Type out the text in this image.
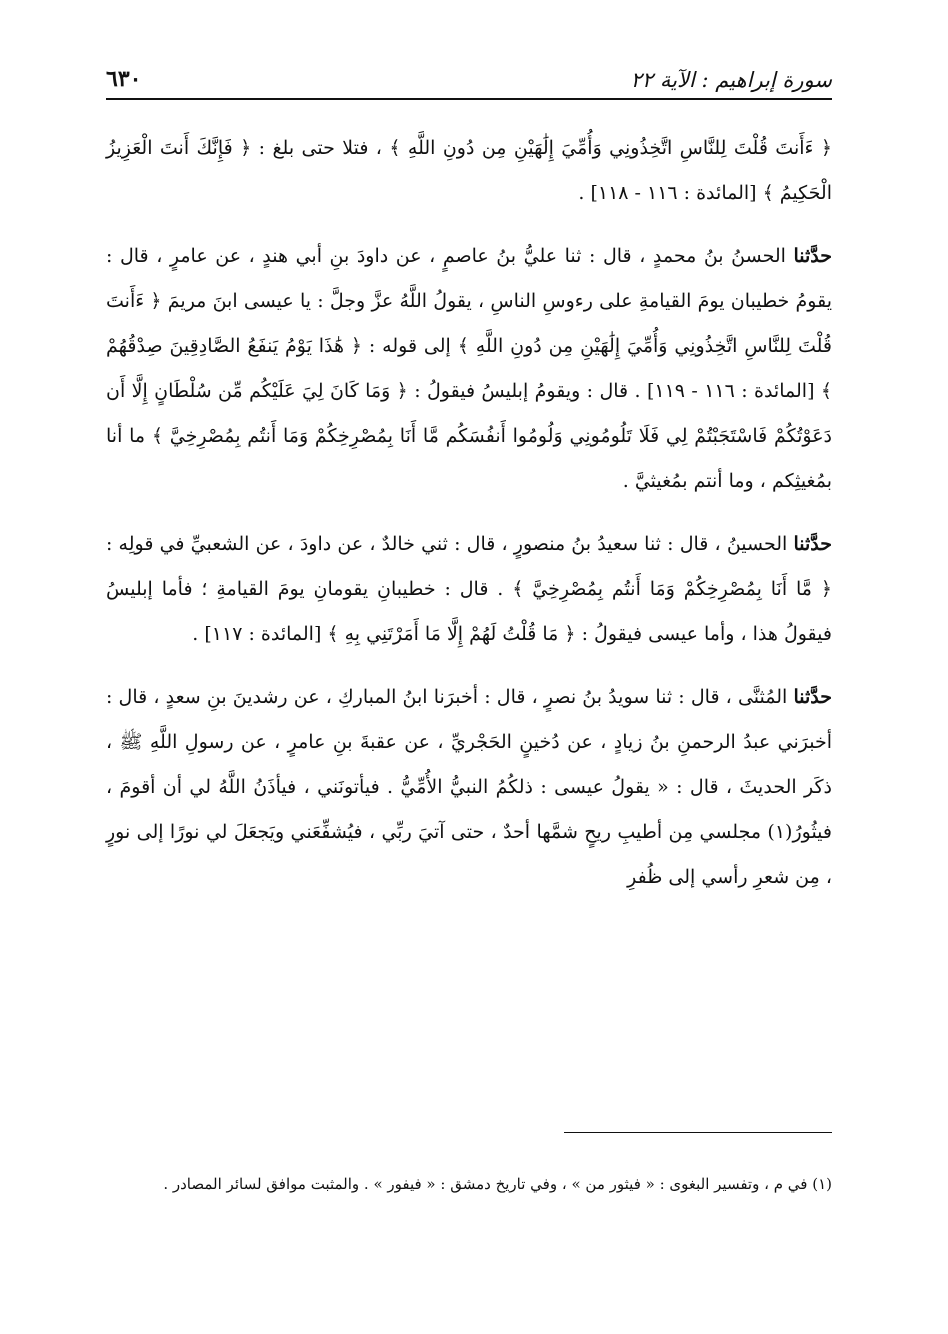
سورة إبراهيم : الآية ٢٢
٦٣٠

﴿ ءَأَنتَ قُلْتَ لِلنَّاسِ اتَّخِذُونِي وَأُمِّيَ إِلَٰهَيْنِ مِن دُونِ اللَّهِ ﴾ ، فتلا حتى بلغ : ﴿ فَإِنَّكَ أَنتَ الْعَزِيزُ الْحَكِيمُ ﴾ [المائدة : ١١٦ - ١١٨] .

حدَّثنا الحسنُ بنُ محمدٍ ، قال : ثنا عليُّ بنُ عاصمٍ ، عن داودَ بنِ أبي هندٍ ، عن عامرٍ ، قال : يقومُ خطيبان يومَ القيامةِ على رءوسِ الناسِ ، يقولُ اللَّهُ عزَّ وجلَّ : يا عيسى ابنَ مريمَ ﴿ ءَأَنتَ قُلْتَ لِلنَّاسِ اتَّخِذُونِي وَأُمِّيَ إِلَٰهَيْنِ مِن دُونِ اللَّهِ ﴾ إلى قوله : ﴿ هَٰذَا يَوْمُ يَنفَعُ الصَّادِقِينَ صِدْقُهُمْ ﴾ [المائدة : ١١٦ - ١١٩] . قال : ويقومُ إبليسُ فيقولُ : ﴿ وَمَا كَانَ لِيَ عَلَيْكُم مِّن سُلْطَانٍ إِلَّا أَن دَعَوْتُكُمْ فَاسْتَجَبْتُمْ لِي فَلَا تَلُومُونِي وَلُومُوا أَنفُسَكُم مَّا أَنَا بِمُصْرِخِكُمْ وَمَا أَنتُم بِمُصْرِخِيَّ ﴾ ما أنا بمُغيثِكم ، وما أنتم بمُغيثيَّ .

حدَّثنا الحسينُ ، قال : ثنا سعيدُ بنُ منصورٍ ، قال : ثني خالدٌ ، عن داودَ ، عن الشعبيِّ في قولِه : ﴿ مَّا أَنَا بِمُصْرِخِكُمْ وَمَا أَنتُم بِمُصْرِخِيَّ ﴾ . قال : خطيبانِ يقومانِ يومَ القيامةِ ؛ فأما إبليسُ فيقولُ هذا ، وأما عيسى فيقولُ : ﴿ مَا قُلْتُ لَهُمْ إِلَّا مَا أَمَرْتَنِي بِهِ ﴾ [المائدة : ١١٧] .

حدَّثنا المُثنَّى ، قال : ثنا سويدُ بنُ نصرٍ ، قال : أخبرَنا ابنُ المباركِ ، عن رشدينَ بنِ سعدٍ ، قال : أخبرَني عبدُ الرحمنِ بنُ زيادٍ ، عن دُخينٍ الحَجْريِّ ، عن عقبةَ بنِ عامرٍ ، عن رسولِ اللَّهِ ﷺ ، ذكَر الحديثَ ، قال : « يقولُ عيسى : ذلكُمُ النبيُّ الأُمِّيُّ . فيأتونَني ، فيأذَنُ اللَّهُ لي أن أقومَ ، فيثُورُ(١) مجلسي مِن أطيبِ ريحٍ شمَّها أحدٌ ، حتى آتيَ ربِّي ، فيُشفِّعَني ويَجعَلَ لي نورًا إلى نورٍ ، مِن شعرِ رأسي إلى ظُفرِ

(١) في م ، وتفسير البغوى : « فيثور من » ، وفي تاريخ دمشق : « فيفور » . والمثبت موافق لسائر المصادر .
